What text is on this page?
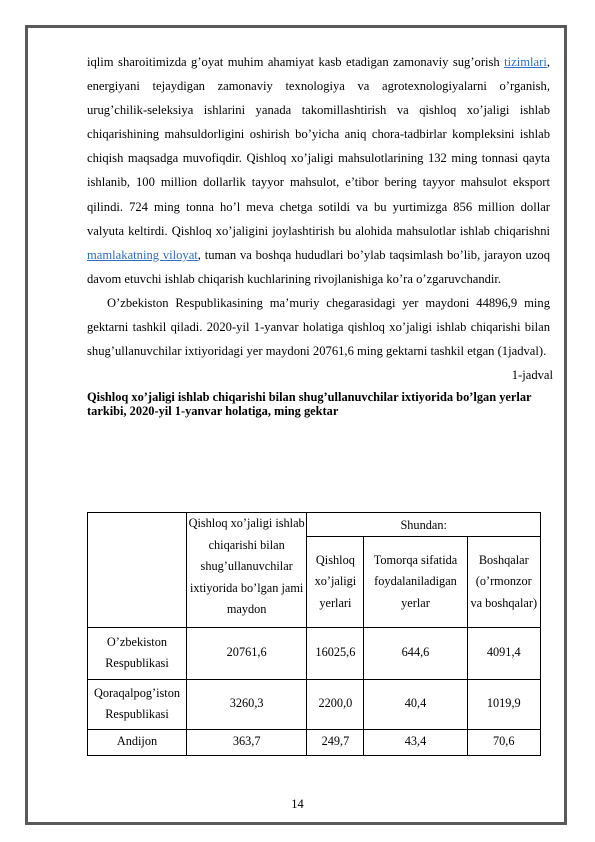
iqlim sharoitimizda g’oyat muhim ahamiyat kasb etadigan zamonaviy sug’orish tizimlari, energiyani tejaydigan zamonaviy texnologiya va agrotexnologiyalarni o’rganish, urug’chilik-seleksiya ishlarini yanada takomillashtirish va qishloq xo’jaligi ishlab chiqarishining mahsuldorligini oshirish bo’yicha aniq chora-tadbirlar kompleksini ishlab chiqish maqsadga muvofiqdir. Qishloq xo’jaligi mahsulotlarining 132 ming tonnasi qayta ishlanib, 100 million dollarlik tayyor mahsulot, e’tibor bering tayyor mahsulot eksport qilindi. 724 ming tonna ho’l meva chetga sotildi va bu yurtimizga 856 million dollar valyuta keltirdi. Qishloq xo’jaligini joylashtirish bu alohida mahsulotlar ishlab chiqarishni mamlakatning viloyat, tuman va boshqa hududlari bo’ylab taqsimlash bo’lib, jarayon uzoq davom etuvchi ishlab chiqarish kuchlarining rivojlanishiga ko’ra o’zgaruvchandir.

O’zbekiston Respublikasining ma’muriy chegarasidagi yer maydoni 44896,9 ming gektarni tashkil qiladi. 2020-yil 1-yanvar holatiga qishloq xo’jaligi ishlab chiqarishi bilan shug’ullanuvchilar ixtiyoridagi yer maydoni 20761,6 ming gektarni tashkil etgan (1jadval).

1-jadval

Qishloq xo’jaligi ishlab chiqarishi bilan shug’ullanuvchilar ixtiyorida bo’lgan yerlar tarkibi, 2020-yil 1-yanvar holatiga, ming gektar

	Qishloq xo’jaligi ishlab chiqarishi bilan shug’ullanuvchilar ixtiyorida bo’lgan jami maydon	Shundan:		
		Qishloq xo’jaligi yerlari	Tomorqa sifatida foydalaniladigan yerlar	Boshqalar (o’rmonzor va boshqalar)
O’zbekiston Respublikasi	20761,6	16025,6	644,6	4091,4
Qoraqalpog’iston Respublikasi	3260,3	2200,0	40,4	1019,9
Andijon	363,7	249,7	43,4	70,6
14
